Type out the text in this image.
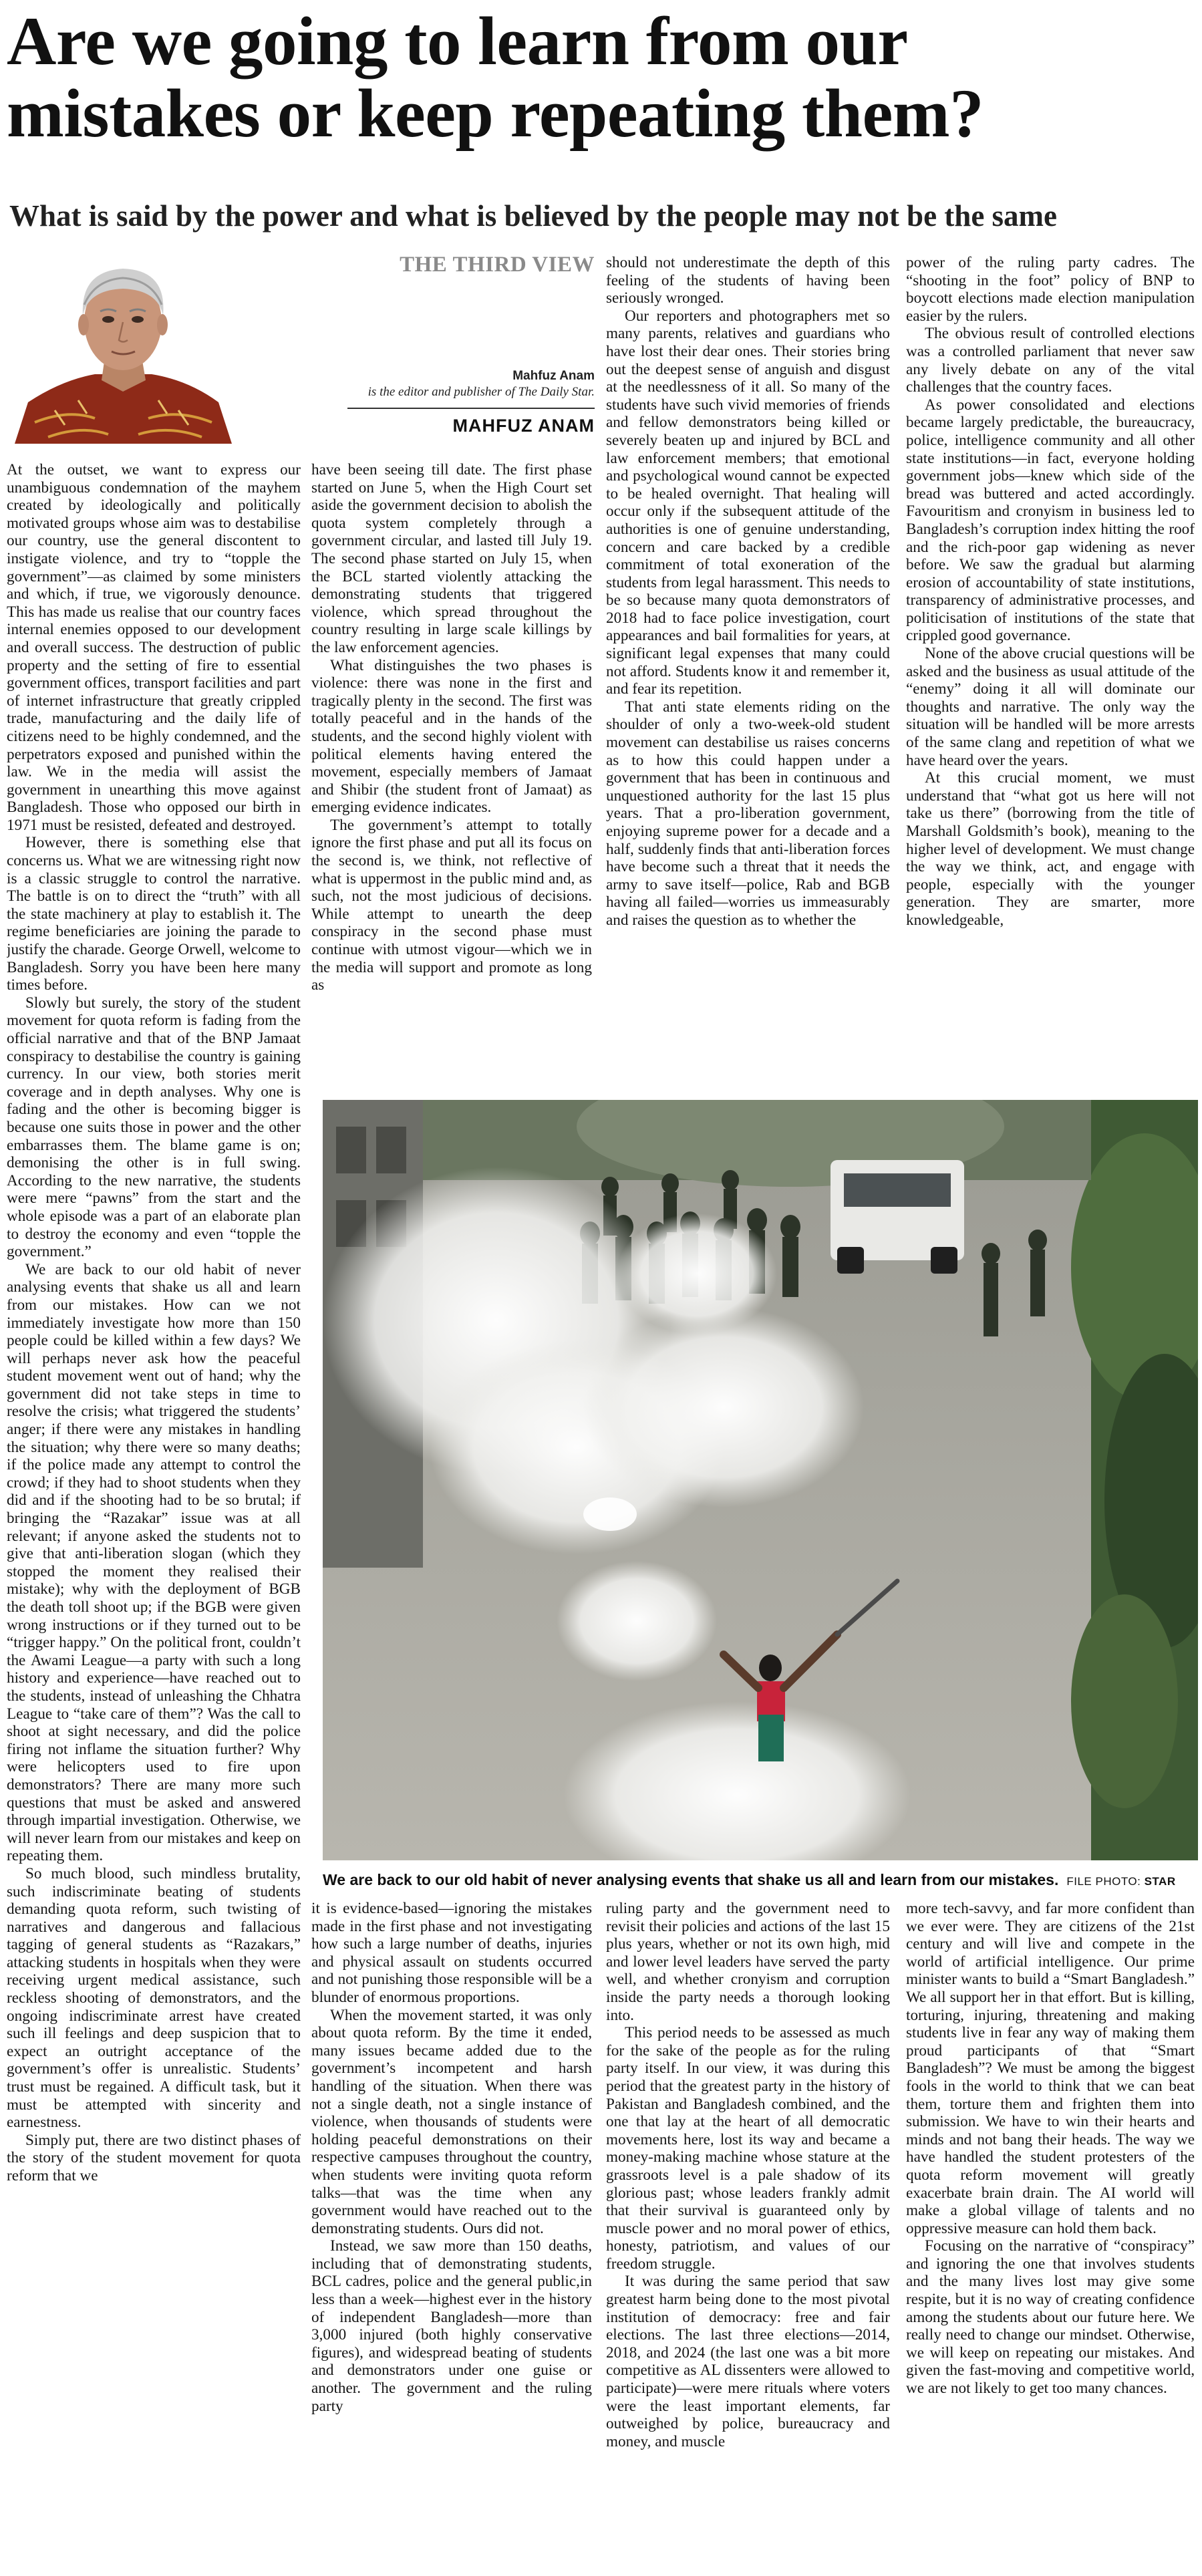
Are we going to learn from our
mistakes or keep repeating them?
What is said by the power and what is believed by the people may not be the same
THE THIRD VIEW
Mahfuz Anam
is the editor and publisher of The Daily Star.
MAHFUZ ANAM

At the outset, we want to express our unambiguous condemnation of the mayhem created by ideologically and politically motivated groups whose aim was to destabilise our country, use the general discontent to instigate violence, and try to “topple the government”—as claimed by some ministers and which, if true, we vigorously denounce. This has made us realise that our country faces internal enemies opposed to our development and overall success. The destruction of public property and the setting of fire to essential government offices, transport facilities and part of internet infrastructure that greatly crippled trade, manufacturing and the daily life of citizens need to be highly condemned, and the perpetrators exposed and punished within the law. We in the media will assist the government in unearthing this move against Bangladesh. Those who opposed our birth in 1971 must be resisted, defeated and destroyed.

However, there is something else that concerns us. What we are witnessing right now is a classic struggle to control the narrative. The battle is on to direct the “truth” with all the state machinery at play to establish it. The regime beneficiaries are joining the parade to justify the charade. George Orwell, welcome to Bangladesh. Sorry you have been here many times before.

Slowly but surely, the story of the student movement for quota reform is fading from the official narrative and that of the BNP Jamaat conspiracy to destabilise the country is gaining currency. In our view, both stories merit coverage and in depth analyses. Why one is fading and the other is becoming bigger is because one suits those in power and the other embarrasses them. The blame game is on; demonising the other is in full swing. According to the new narrative, the students were mere “pawns” from the start and the whole episode was a part of an elaborate plan to destroy the economy and even “topple the government.”

We are back to our old habit of never analysing events that shake us all and learn from our mistakes. How can we not immediately investigate how more than 150 people could be killed within a few days? We will perhaps never ask how the peaceful student movement went out of hand; why the government did not take steps in time to resolve the crisis; what triggered the students’ anger; if there were any mistakes in handling the situation; why there were so many deaths; if the police made any attempt to control the crowd; if they had to shoot students when they did and if the shooting had to be so brutal; if bringing the “Razakar” issue was at all relevant; if anyone asked the students not to give that anti-liberation slogan (which they stopped the moment they realised their mistake); why with the deployment of BGB the death toll shoot up; if the BGB were given wrong instructions or if they turned out to be “trigger happy.” On the political front, couldn’t the Awami League—a party with such a long history and experience—have reached out to the students, instead of unleashing the Chhatra League to “take care of them”? Was the call to shoot at sight necessary, and did the police firing not inflame the situation further? Why were helicopters used to fire upon demonstrators? There are many more such questions that must be asked and answered through impartial investigation. Otherwise, we will never learn from our mistakes and keep on repeating them.

So much blood, such mindless brutality, such indiscriminate beating of students demanding quota reform, such twisting of narratives and dangerous and fallacious tagging of general students as “Razakars,” attacking students in hospitals when they were receiving urgent medical assistance, such reckless shooting of demonstrators, and the ongoing indiscriminate arrest have created such ill feelings and deep suspicion that to expect an outright acceptance of the government’s offer is unrealistic. Students’ trust must be regained. A difficult task, but it must be attempted with sincerity and earnestness.

Simply put, there are two distinct phases of the story of the student movement for quota reform that we

have been seeing till date. The first phase started on June 5, when the High Court set aside the government decision to abolish the quota system completely through a government circular, and lasted till July 19. The second phase started on July 15, when the BCL started violently attacking the demonstrating students that triggered violence, which spread throughout the country resulting in large scale killings by the law enforcement agencies.

What distinguishes the two phases is violence: there was none in the first and tragically plenty in the second. The first was totally peaceful and in the hands of the students, and the second highly violent with political elements having entered the movement, especially members of Jamaat and Shibir (the student front of Jamaat) as emerging evidence indicates.

The government’s attempt to totally ignore the first phase and put all its focus on the second is, we think, not reflective of what is uppermost in the public mind and, as such, not the most judicious of decisions. While attempt to unearth the deep conspiracy in the second phase must continue with utmost vigour—which we in the media will support and promote as long as

should not underestimate the depth of this feeling of the students of having been seriously wronged.

Our reporters and photographers met so many parents, relatives and guardians who have lost their dear ones. Their stories bring out the deepest sense of anguish and disgust at the needlessness of it all. So many of the students have such vivid memories of friends and fellow demonstrators being killed or severely beaten up and injured by BCL and law enforcement members; that emotional and psychological wound cannot be expected to be healed overnight. That healing will occur only if the subsequent attitude of the authorities is one of genuine understanding, concern and care backed by a credible commitment of total exoneration of the students from legal harassment. This needs to be so because many quota demonstrators of 2018 had to face police investigation, court appearances and bail formalities for years, at significant legal expenses that many could not afford. Students know it and remember it, and fear its repetition.

That anti state elements riding on the shoulder of only a two-week-old student movement can destabilise us raises concerns as to how this could happen under a government that has been in continuous and unquestioned authority for the last 15 plus years. That a pro-liberation government, enjoying supreme power for a decade and a half, suddenly finds that anti-liberation forces have become such a threat that it needs the army to save itself—police, Rab and BGB having all failed—worries us immeasurably and raises the question as to whether the

power of the ruling party cadres. The “shooting in the foot” policy of BNP to boycott elections made election manipulation easier by the rulers.

The obvious result of controlled elections was a controlled parliament that never saw any lively debate on any of the vital challenges that the country faces.

As power consolidated and elections became largely predictable, the bureaucracy, police, intelligence community and all other state institutions—in fact, everyone holding government jobs—knew which side of the bread was buttered and acted accordingly. Favouritism and cronyism in business led to Bangladesh’s corruption index hitting the roof and the rich-poor gap widening as never before. We saw the gradual but alarming erosion of accountability of state institutions, transparency of administrative processes, and politicisation of institutions of the state that crippled good governance.

None of the above crucial questions will be asked and the business as usual attitude of the “enemy” doing it all will dominate our thoughts and narrative. The only way the situation will be handled will be more arrests of the same clang and repetition of what we have heard over the years.

At this crucial moment, we must understand that “what got us here will not take us there” (borrowing from the title of Marshall Goldsmith’s book), meaning to the higher level of development. We must change the way we think, act, and engage with people, especially with the younger generation. They are smarter, more knowledgeable,

We are back to our old habit of never analysing events that shake us all and learn from our mistakes. FILE PHOTO: STAR

it is evidence-based—ignoring the mistakes made in the first phase and not investigating how such a large number of deaths, injuries and physical assault on students occurred and not punishing those responsible will be a blunder of enormous proportions.

When the movement started, it was only about quota reform. By the time it ended, many issues became added due to the government’s incompetent and harsh handling of the situation. When there was not a single death, not a single instance of violence, when thousands of students were holding peaceful demonstrations on their respective campuses throughout the country, when students were inviting quota reform talks—that was the time when any government would have reached out to the demonstrating students. Ours did not.

Instead, we saw more than 150 deaths, including that of demonstrating students, BCL cadres, police and the general public,in less than a week—highest ever in the history of independent Bangladesh—more than 3,000 injured (both highly conservative figures), and widespread beating of students and demonstrators under one guise or another. The government and the ruling party

ruling party and the government need to revisit their policies and actions of the last 15 plus years, whether or not its own high, mid and lower level leaders have served the party well, and whether cronyism and corruption inside the party needs a thorough looking into.

This period needs to be assessed as much for the sake of the people as for the ruling party itself. In our view, it was during this period that the greatest party in the history of Pakistan and Bangladesh combined, and the one that lay at the heart of all democratic movements here, lost its way and became a money-making machine whose stature at the grassroots level is a pale shadow of its glorious past; whose leaders frankly admit that their survival is guaranteed only by muscle power and no moral power of ethics, honesty, patriotism, and values of our freedom struggle.

It was during the same period that saw greatest harm being done to the most pivotal institution of democracy: free and fair elections. The last three elections—2014, 2018, and 2024 (the last one was a bit more competitive as AL dissenters were allowed to participate)—were mere rituals where voters were the least important elements, far outweighed by police, bureaucracy and money, and muscle

more tech-savvy, and far more confident than we ever were. They are citizens of the 21st century and will live and compete in the world of artificial intelligence. Our prime minister wants to build a “Smart Bangladesh.” We all support her in that effort. But is killing, torturing, injuring, threatening and making students live in fear any way of making them proud participants of that “Smart Bangladesh”? We must be among the biggest fools in the world to think that we can beat them, torture them and frighten them into submission. We have to win their hearts and minds and not bang their heads. The way we have handled the student protesters of the quota reform movement will greatly exacerbate brain drain. The AI world will make a global village of talents and no oppressive measure can hold them back.

Focusing on the narrative of “conspiracy” and ignoring the one that involves students and the many lives lost may give some respite, but it is no way of creating confidence among the students about our future here. We really need to change our mindset. Otherwise, we will keep on repeating our mistakes. And given the fast-moving and competitive world, we are not likely to get too many chances.
